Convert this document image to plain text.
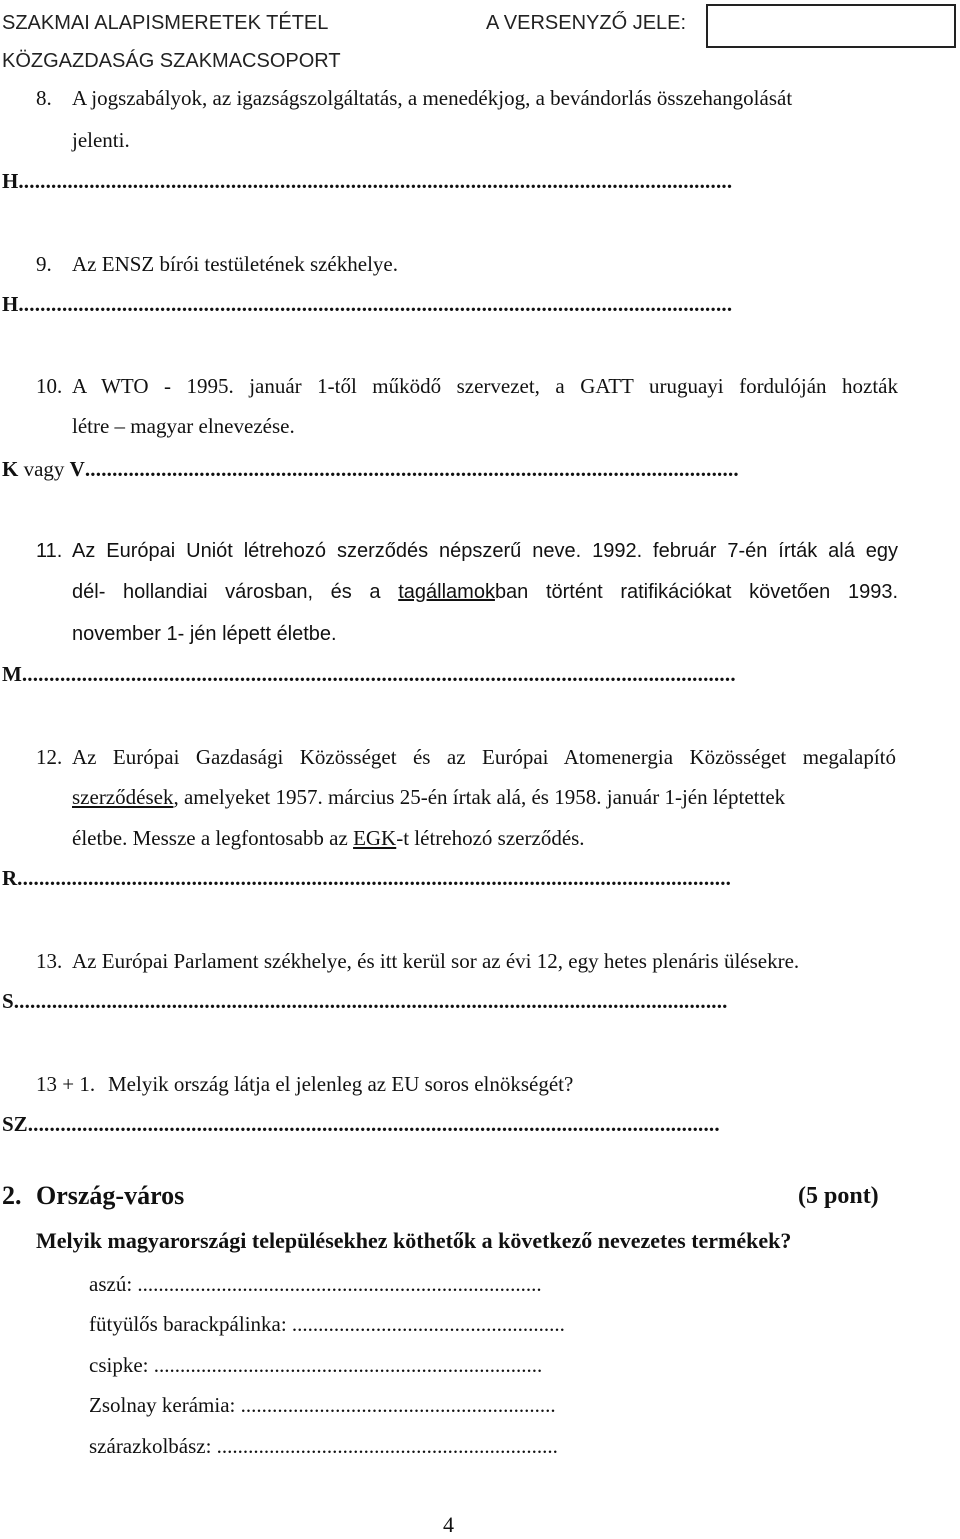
SZAKMAI ALAPISMERETEK TÉTEL
KÖZGAZDASÁG SZAKMACSOPORT
A VERSENYZŐ JELE:
8. A jogszabályok, az igazságszolgáltatás, a menedékjog, a bevándorlás összehangolását
jelenti.
H...................................................................................................................................
9. Az ENSZ bírói testületének székhelye.
H...................................................................................................................................
10. A WTO - 1995. január 1-től működő szervezet, a GATT uruguayi fordulóján hozták
létre – magyar elnevezése.
K vagy V........................................................................................................................
11. Az Európai Uniót létrehozó szerződés népszerű neve. 1992. február 7-én írták alá egy
dél- hollandiai városban, és a tagállamokban történt ratifikációkat követően 1993.
november 1- jén lépett életbe.
M...................................................................................................................................
12. Az Európai Gazdasági Közösséget és az Európai Atomenergia Közösséget megalapító
szerződések, amelyeket 1957. március 25-én írtak alá, és 1958. január 1-jén léptettek
életbe. Messze a legfontosabb az EGK-t létrehozó szerződés.
R...................................................................................................................................
13. Az Európai Parlament székhelye, és itt kerül sor az évi 12, egy hetes plenáris ülésekre.
S...................................................................................................................................
13 + 1. Melyik ország látja el jelenleg az EU soros elnökségét?
SZ...............................................................................................................................
2. Ország-város	(5 pont)
Melyik magyarországi településekhez köthetők a következő nevezetes termékek?
aszú: .............................................................................
fütyülős barackpálinka: ....................................................
csipke: ..........................................................................
Zsolnay kerámia: ............................................................
szárazkolbász: .................................................................
4
